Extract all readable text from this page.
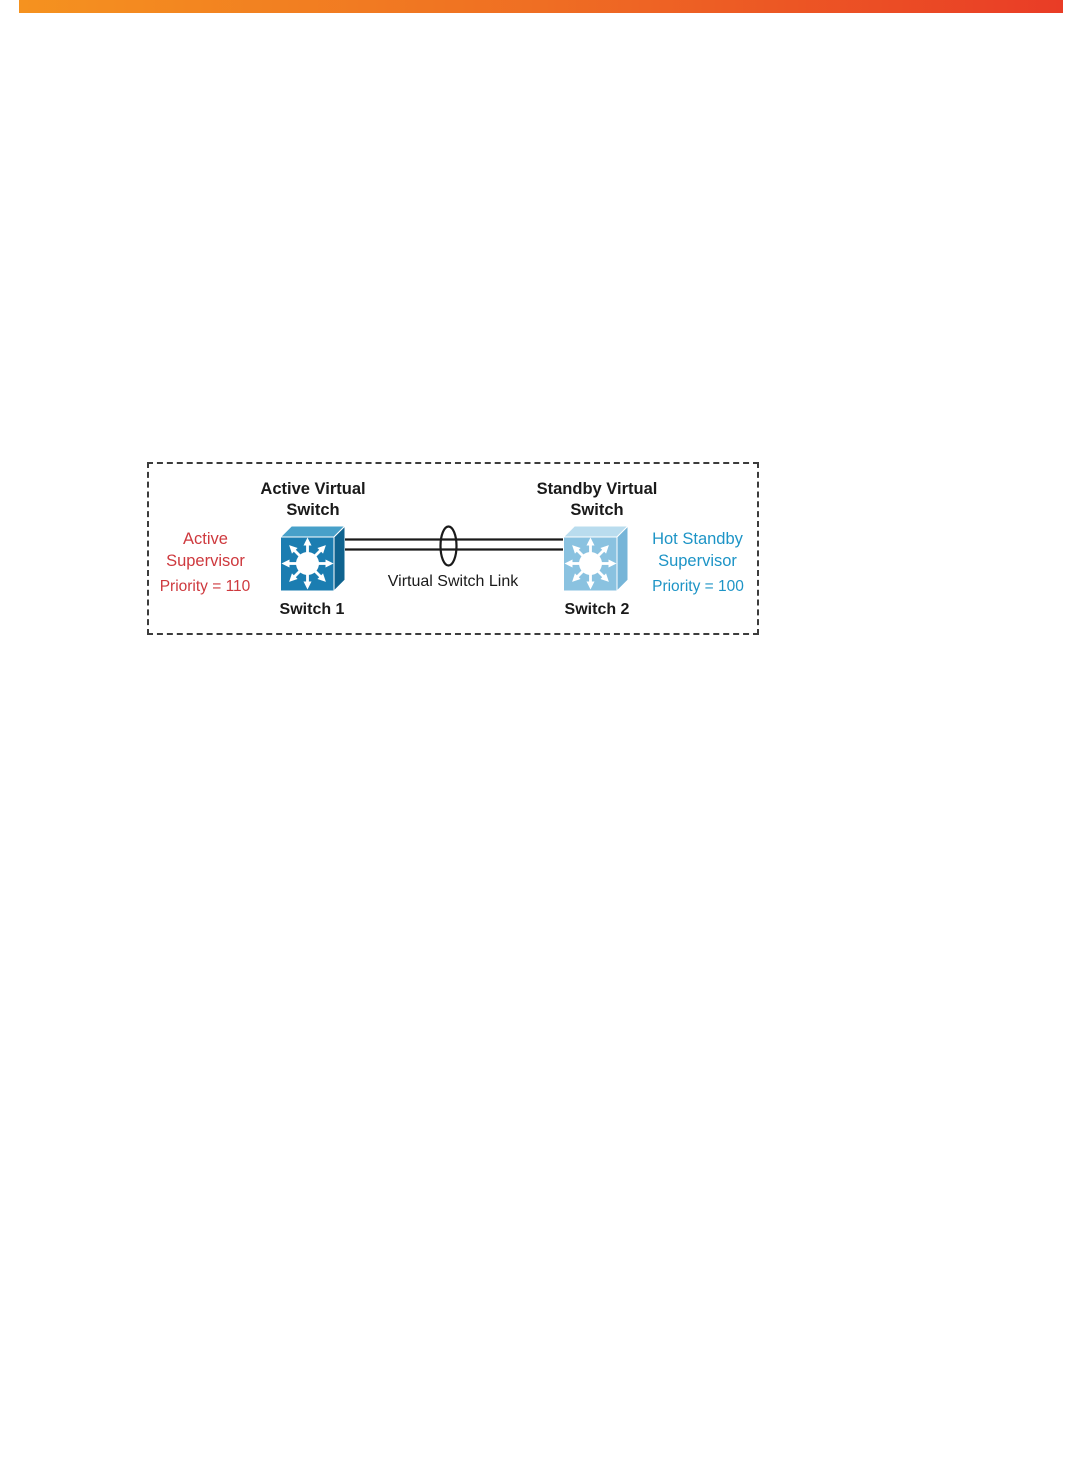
Active Virtual
Switch
Standby Virtual
Switch
Active
Supervisor
Priority = 110
Hot Standby
Supervisor
Priority = 100
Virtual Switch Link
Switch 1	Switch 2
